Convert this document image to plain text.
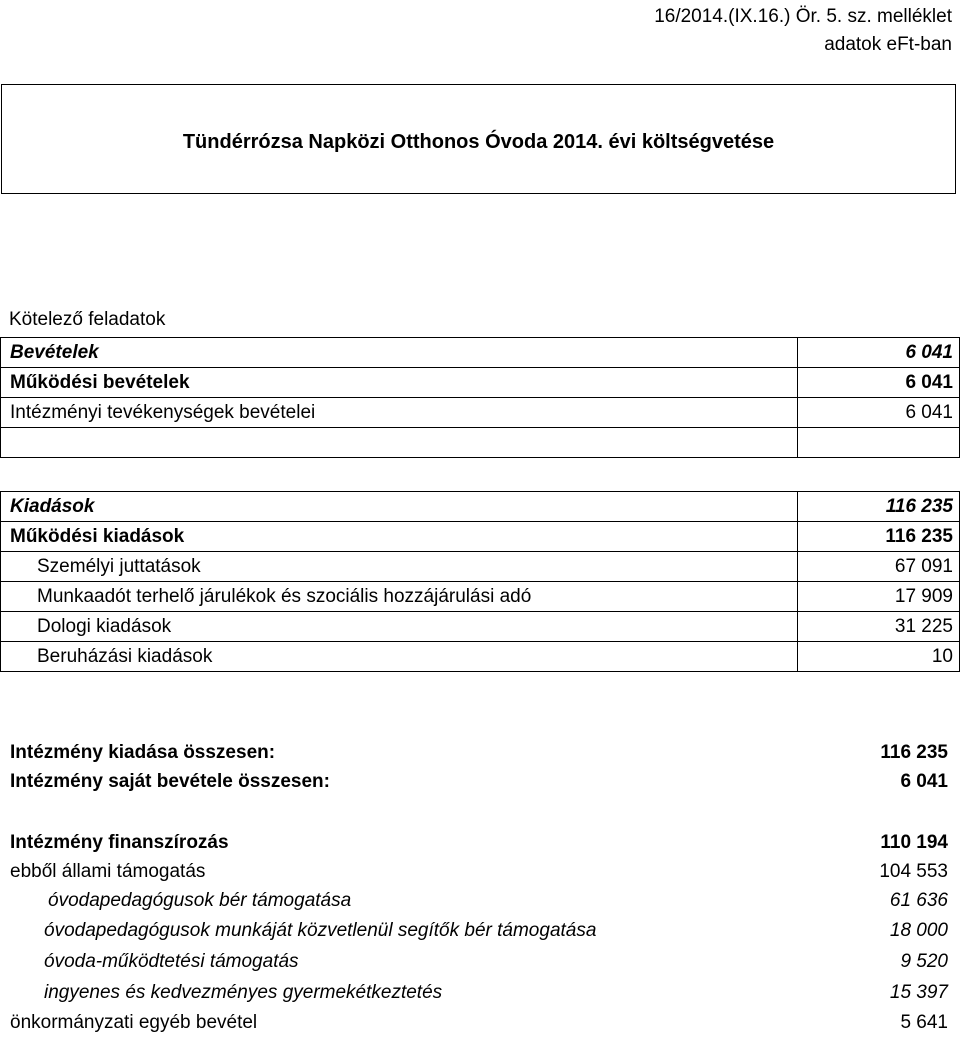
16/2014.(IX.16.) Ör. 5. sz. melléklet
adatok eFt-ban
Tündérrózsa Napközi Otthonos Óvoda 2014. évi költségvetése
Kötelező feladatok
Bevételek	6 041
Működési bevételek	6 041
Intézményi tevékenységek bevételei	6 041

Kiadások	116 235
Működési kiadások	116 235
Személyi juttatások	67 091
Munkaadót terhelő járulékok és szociális hozzájárulási adó	17 909
Dologi kiadások	31 225
Beruházási kiadások	10
Intézmény kiadása összesen:	116 235
Intézmény saját bevétele összesen:	6 041
Intézmény finanszírozás	110 194
ebből állami támogatás	104 553
óvodapedagógusok bér támogatása	61 636
óvodapedagógusok munkáját közvetlenül segítők bér támogatása	18 000
óvoda-működtetési támogatás	9 520
ingyenes és kedvezményes gyermekétkeztetés	15 397
önkormányzati egyéb bevétel	5 641
